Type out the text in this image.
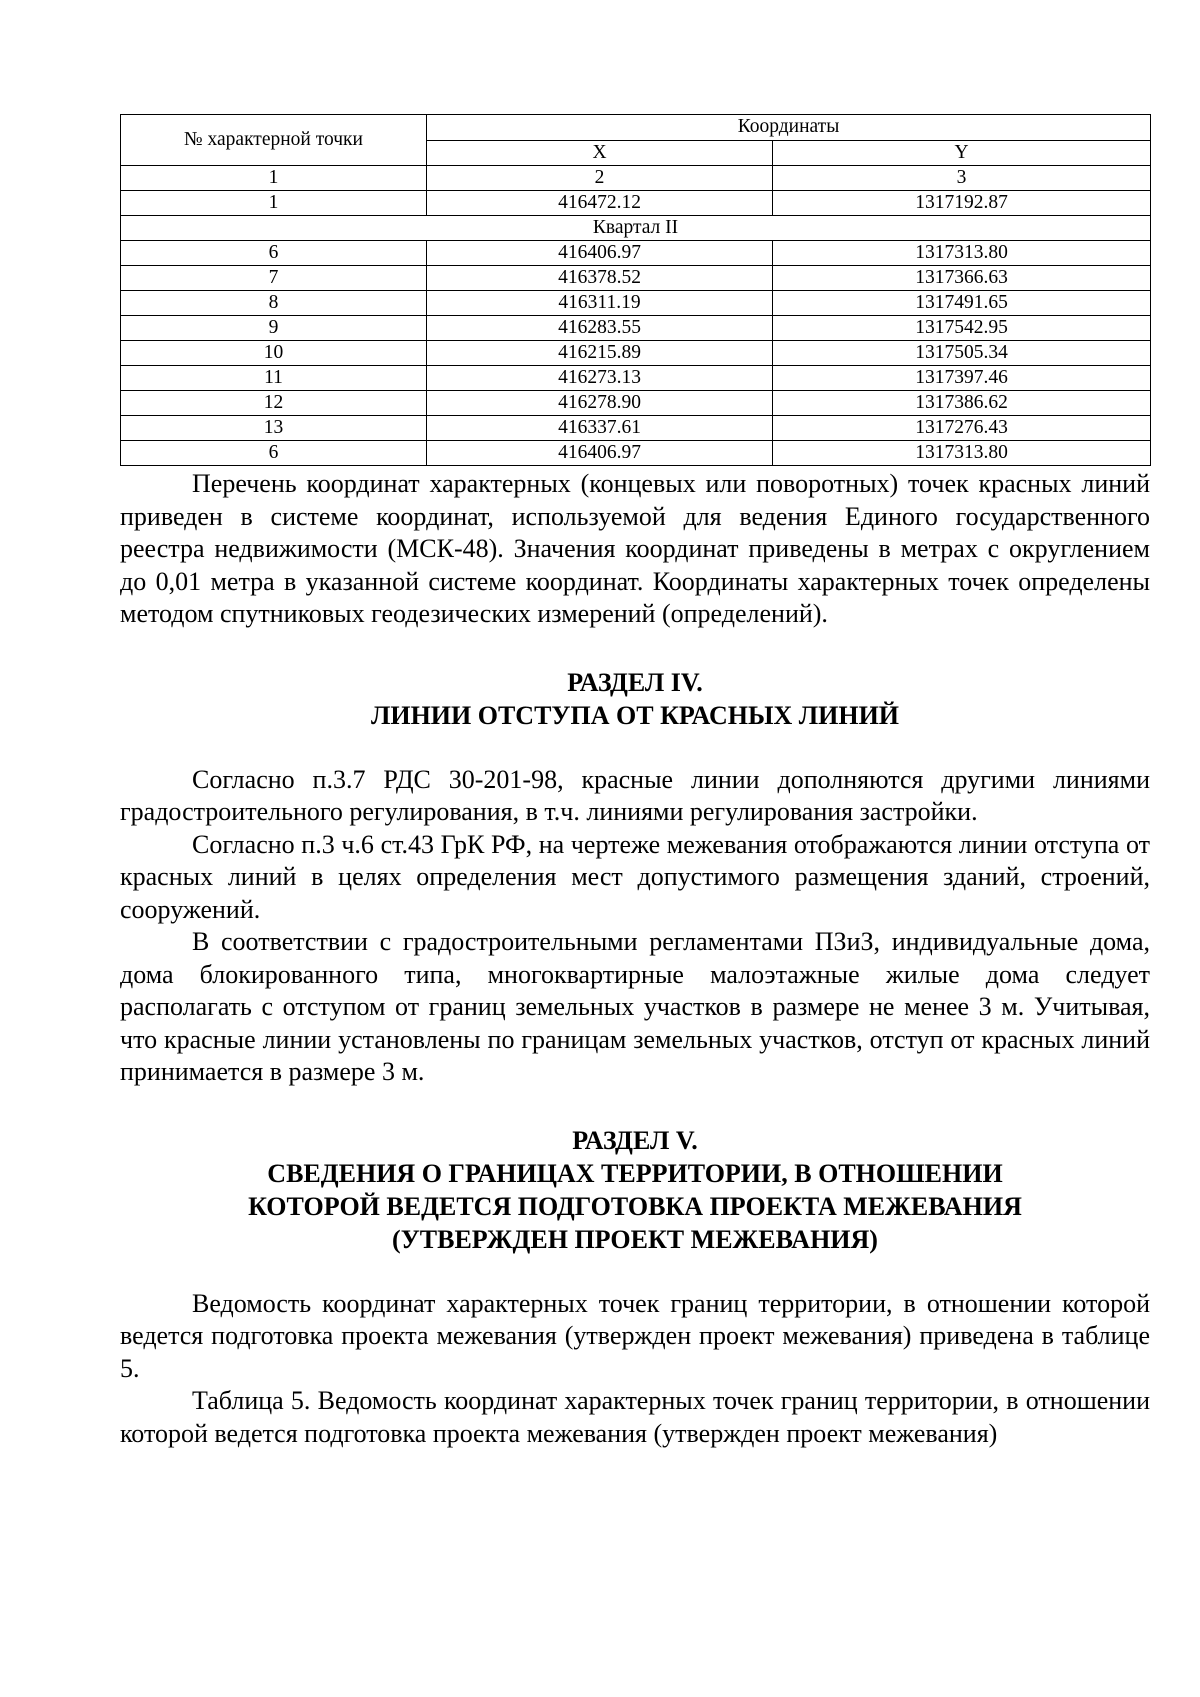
№ характерной точки	Координаты	
	X	Y
1	2	3
1	416472.12	1317192.87
Квартал II		
6	416406.97	1317313.80
7	416378.52	1317366.63
8	416311.19	1317491.65
9	416283.55	1317542.95
10	416215.89	1317505.34
11	416273.13	1317397.46
12	416278.90	1317386.62
13	416337.61	1317276.43
6	416406.97	1317313.80

Перечень координат характерных (концевых или поворотных) точек красных линий приведен в системе координат, используемой для ведения Единого государственного реестра недвижимости (МСК-48). Значения координат приведены в метрах с округлением до 0,01 метра в указанной системе координат. Координаты характерных точек определены методом спутниковых геодезических измерений (определений).

РАЗДЕЛ IV.

ЛИНИИ ОТСТУПА ОТ КРАСНЫХ ЛИНИЙ

Согласно п.3.7 РДС 30-201-98, красные линии дополняются другими линиями градостроительного регулирования, в т.ч. линиями регулирования застройки.

Согласно п.3 ч.6 ст.43 ГрК РФ, на чертеже межевания отображаются линии отступа от красных линий в целях определения мест допустимого размещения зданий, строений, сооружений.

В соответствии с градостроительными регламентами ПЗиЗ, индивидуальные дома, дома блокированного типа, многоквартирные малоэтажные жилые дома следует располагать с отступом от границ земельных участков в размере не менее 3 м. Учитывая, что красные линии установлены по границам земельных участков, отступ от красных линий принимается в размере 3 м.

РАЗДЕЛ V.

СВЕДЕНИЯ О ГРАНИЦАХ ТЕРРИТОРИИ, В ОТНОШЕНИИ

КОТОРОЙ ВЕДЕТСЯ ПОДГОТОВКА ПРОЕКТА МЕЖЕВАНИЯ

(УТВЕРЖДЕН ПРОЕКТ МЕЖЕВАНИЯ)

Ведомость координат характерных точек границ территории, в отношении которой ведется подготовка проекта межевания (утвержден проект межевания) приведена в таблице 5.

Таблица 5. Ведомость координат характерных точек границ территории, в отношении которой ведется подготовка проекта межевания (утвержден проект межевания)
